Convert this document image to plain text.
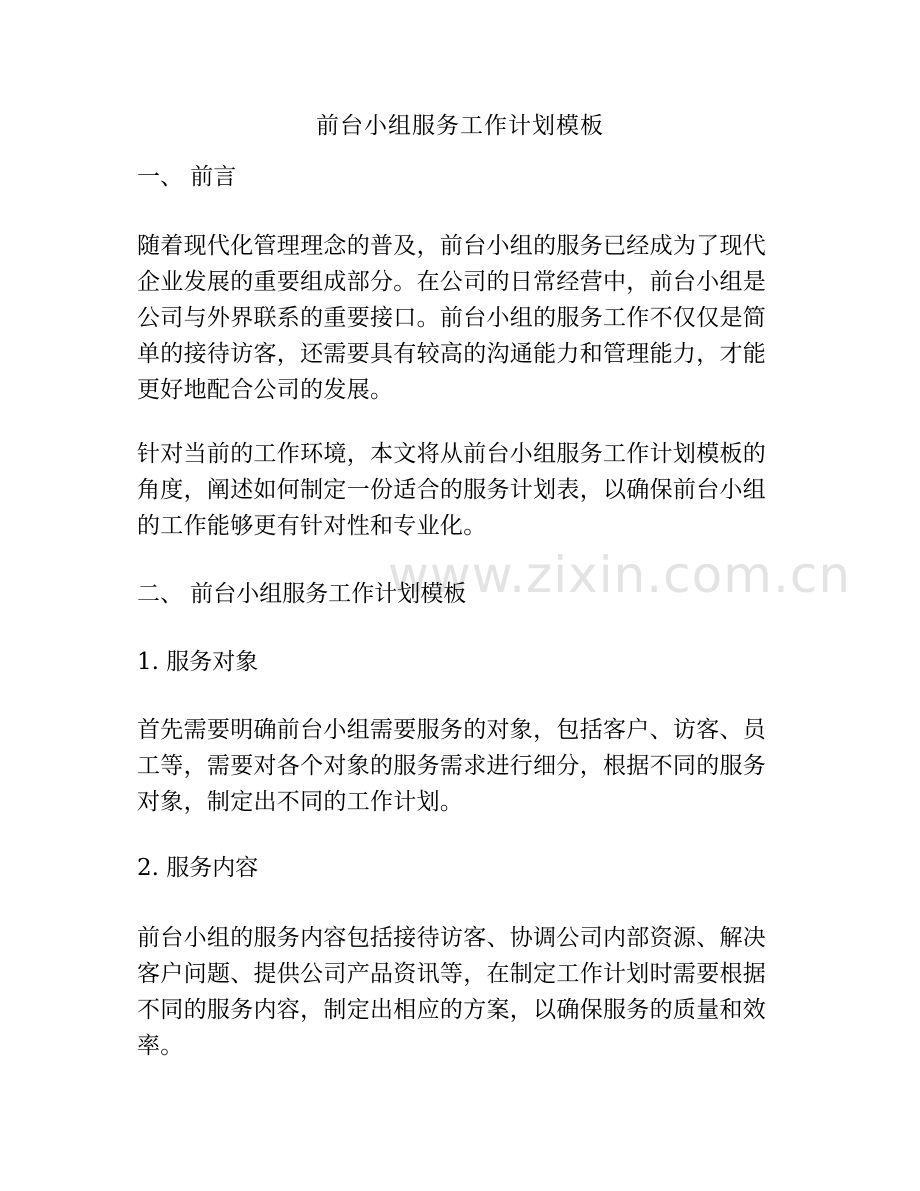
www.zixin.com.cn
前台小组服务工作计划模板
一、 前言
随着现代化管理理念的普及，前台小组的服务已经成为了现代
企业发展的重要组成部分。在公司的日常经营中，前台小组是
公司与外界联系的重要接口。前台小组的服务工作不仅仅是简
单的接待访客，还需要具有较高的沟通能力和管理能力，才能
更好地配合公司的发展。
针对当前的工作环境，本文将从前台小组服务工作计划模板的
角度，阐述如何制定一份适合的服务计划表，以确保前台小组
的工作能够更有针对性和专业化。
二、 前台小组服务工作计划模板
1. 服务对象
首先需要明确前台小组需要服务的对象，包括客户、访客、员
工等，需要对各个对象的服务需求进行细分，根据不同的服务
对象，制定出不同的工作计划。
2. 服务内容
前台小组的服务内容包括接待访客、协调公司内部资源、解决
客户问题、提供公司产品资讯等，在制定工作计划时需要根据
不同的服务内容，制定出相应的方案，以确保服务的质量和效
率。
